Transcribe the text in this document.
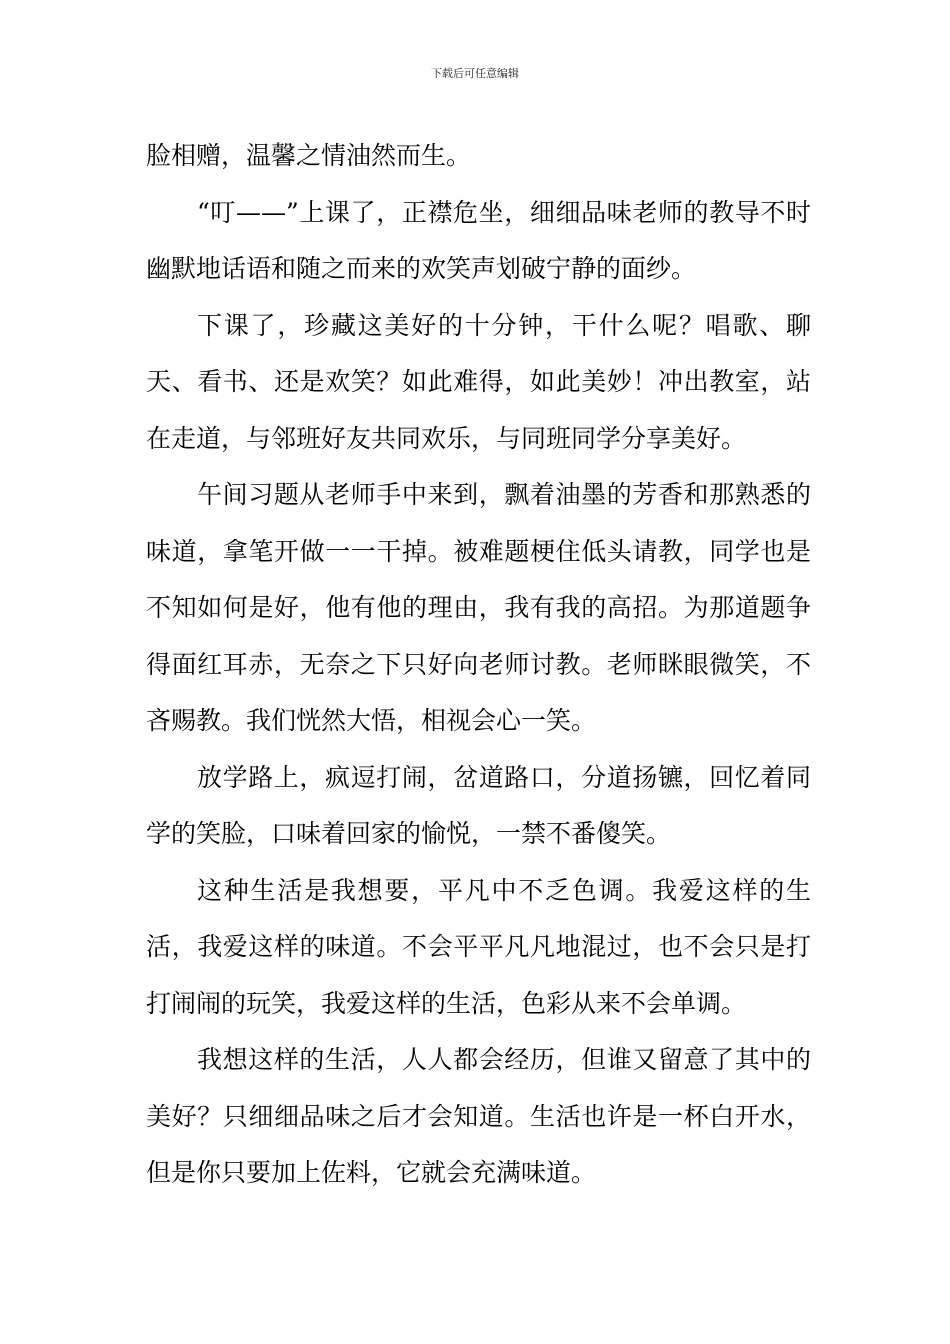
下载后可任意编辑

脸相赠，温馨之情油然而生。

“叮——”上课了，正襟危坐，细细品味老师的教导不时幽默地话语和随之而来的欢笑声划破宁静的面纱。

下课了，珍藏这美好的十分钟，干什么呢？唱歌、聊天、看书、还是欢笑？如此难得，如此美妙！冲出教室，站在走道，与邻班好友共同欢乐，与同班同学分享美好。

午间习题从老师手中来到，飘着油墨的芳香和那熟悉的味道，拿笔开做一一干掉。被难题梗住低头请教，同学也是不知如何是好，他有他的理由，我有我的高招。为那道题争得面红耳赤，无奈之下只好向老师讨教。老师眯眼微笑，不吝赐教。我们恍然大悟，相视会心一笑。

放学路上，疯逗打闹，岔道路口，分道扬镳，回忆着同学的笑脸，口味着回家的愉悦，一禁不番傻笑。

这种生活是我想要，平凡中不乏色调。我爱这样的生活，我爱这样的味道。不会平平凡凡地混过，也不会只是打打闹闹的玩笑，我爱这样的生活，色彩从来不会单调。

我想这样的生活，人人都会经历，但谁又留意了其中的美好？只细细品味之后才会知道。生活也许是一杯白开水，但是你只要加上佐料，它就会充满味道。
